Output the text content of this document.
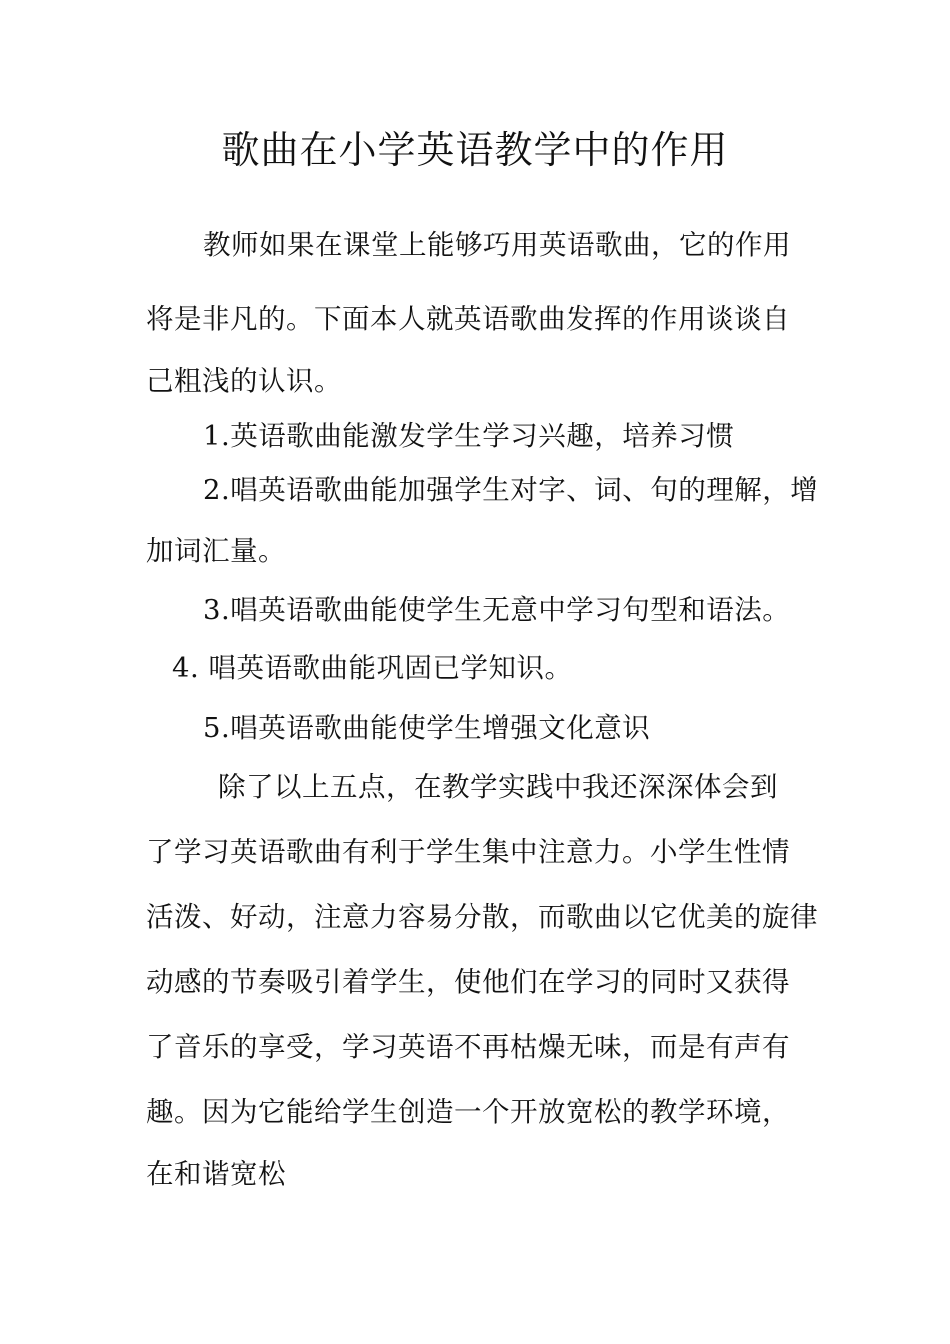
歌曲在小学英语教学中的作用
教师如果在课堂上能够巧用英语歌曲，它的作用
将是非凡的。下面本人就英语歌曲发挥的作用谈谈自
己粗浅的认识。
1.英语歌曲能激发学生学习兴趣，培养习惯
2.唱英语歌曲能加强学生对字、词、句的理解，增
加词汇量。
3.唱英语歌曲能使学生无意中学习句型和语法。
4. 唱英语歌曲能巩固已学知识。
5.唱英语歌曲能使学生增强文化意识
除了以上五点，在教学实践中我还深深体会到
了学习英语歌曲有利于学生集中注意力。小学生性情
活泼、好动，注意力容易分散，而歌曲以它优美的旋律
动感的节奏吸引着学生，使他们在学习的同时又获得
了音乐的享受，学习英语不再枯燥无味，而是有声有
趣。因为它能给学生创造一个开放宽松的教学环境，
在和谐宽松
